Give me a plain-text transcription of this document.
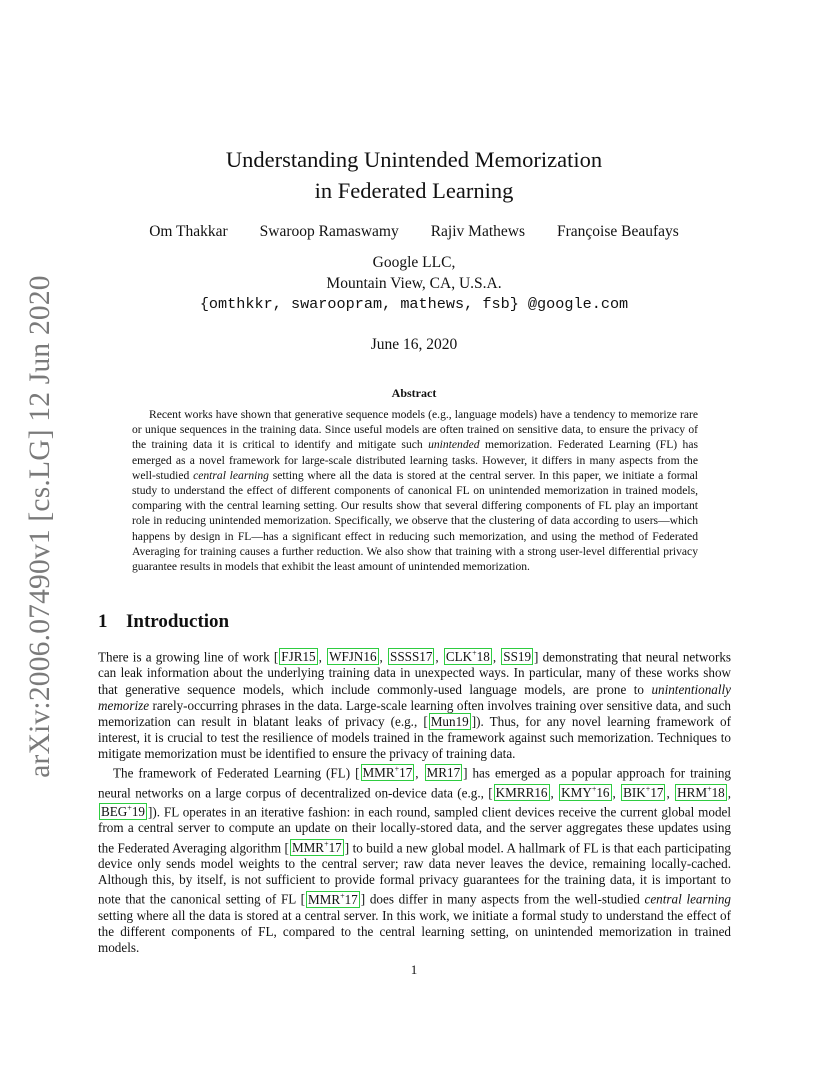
arXiv:2006.07490v1 [cs.LG] 12 Jun 2020
Understanding Unintended Memorization
in Federated Learning
Om Thakkar Swaroop Ramaswamy Rajiv Mathews Françoise Beaufays
Google LLC,
Mountain View, CA, U.S.A.
{omthkkr, swaroopram, mathews, fsb} @google.com
June 16, 2020
Abstract

Recent works have shown that generative sequence models (e.g., language models) have a tendency to memorize rare or unique sequences in the training data. Since useful models are often trained on sensitive data, to ensure the privacy of the training data it is critical to identify and mitigate such unintended memorization. Federated Learning (FL) has emerged as a novel framework for large-scale distributed learning tasks. However, it differs in many aspects from the well-studied central learning setting where all the data is stored at the central server. In this paper, we initiate a formal study to understand the effect of different components of canonical FL on unintended memorization in trained models, comparing with the central learning setting. Our results show that several differing components of FL play an important role in reducing unintended memorization. Specifically, we observe that the clustering of data according to users—which happens by design in FL—has a significant effect in reducing such memorization, and using the method of Federated Averaging for training causes a further reduction. We also show that training with a strong user-level differential privacy guarantee results in models that exhibit the least amount of unintended memorization.

1 Introduction

There is a growing line of work [ FJR15 , WFJN16 , SSSS17 , CLK+18 , SS19 ] demonstrating that neural networks can leak information about the underlying training data in unexpected ways. In particular, many of these works show that generative sequence models, which include commonly-used language models, are prone to unintentionally memorize rarely-occurring phrases in the data. Large-scale learning often involves training over sensitive data, and such memorization can result in blatant leaks of privacy (e.g., [ Mun19 ]). Thus, for any novel learning framework of interest, it is crucial to test the resilience of models trained in the framework against such memorization. Techniques to mitigate memorization must be identified to ensure the privacy of training data.

The framework of Federated Learning (FL) [ MMR+17 , MR17 ] has emerged as a popular approach for training neural networks on a large corpus of decentralized on-device data (e.g., [ KMRR16 , KMY+16 , BIK+17 , HRM+18 , BEG+19 ]). FL operates in an iterative fashion: in each round, sampled client devices receive the current global model from a central server to compute an update on their locally-stored data, and the server aggregates these updates using the Federated Averaging algorithm [ MMR+17 ] to build a new global model. A hallmark of FL is that each participating device only sends model weights to the central server; raw data never leaves the device, remaining locally-cached. Although this, by itself, is not sufficient to provide formal privacy guarantees for the training data, it is important to note that the canonical setting of FL [ MMR+17 ] does differ in many aspects from the well-studied central learning setting where all the data is stored at a central server. In this work, we initiate a formal study to understand the effect of the different components of FL, compared to the central learning setting, on unintended memorization in trained models.

1
